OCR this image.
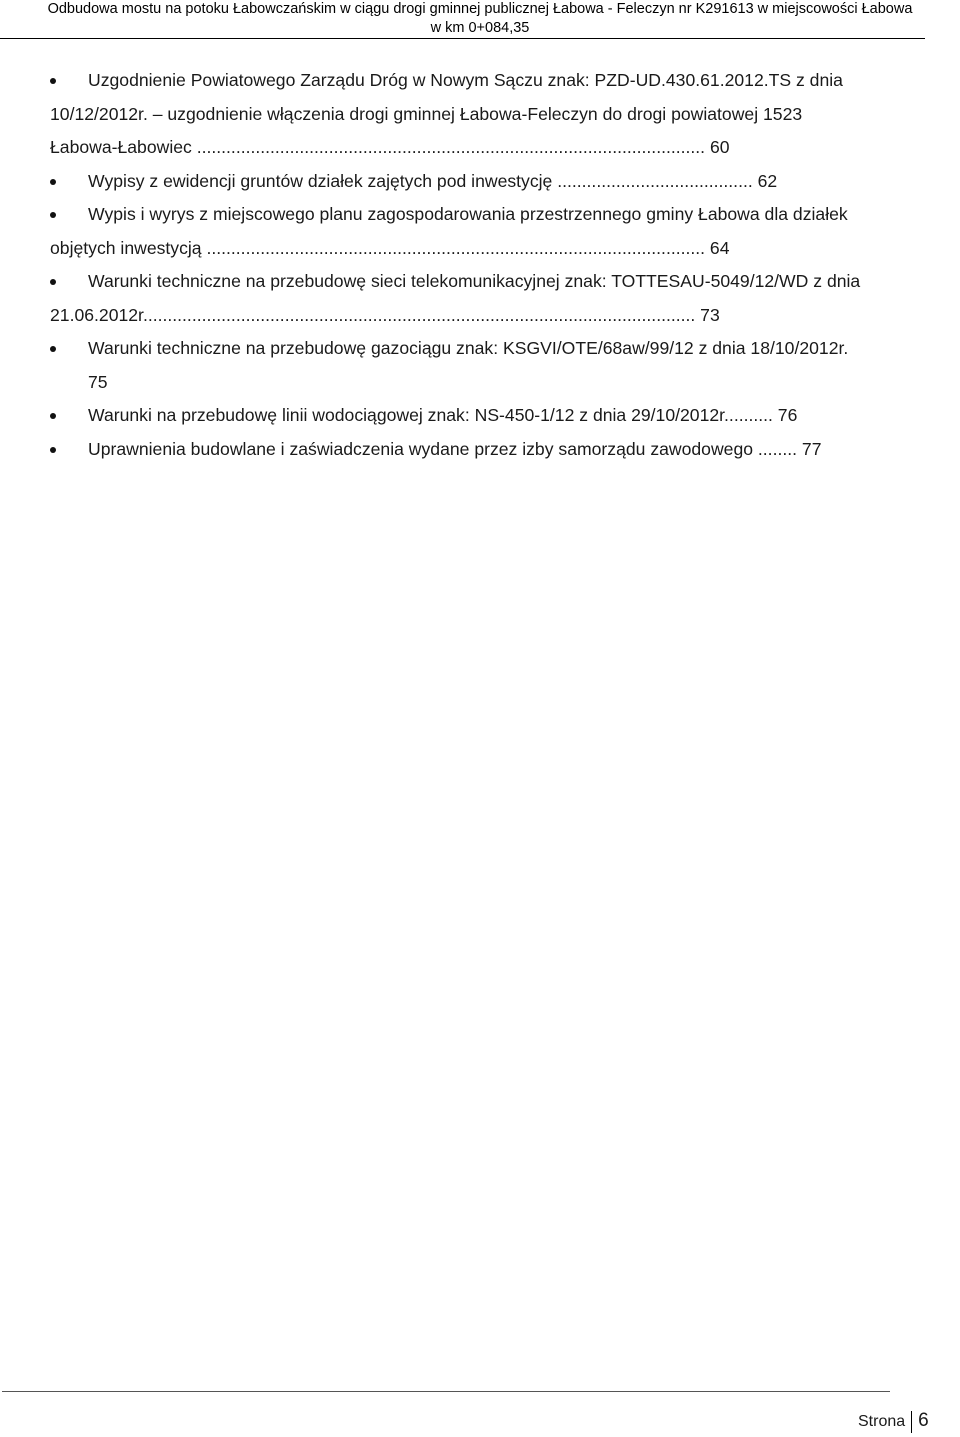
Odbudowa mostu na potoku Łabowczańskim w ciągu drogi gminnej publicznej Łabowa - Feleczyn nr K291613 w miejscowości Łabowa
w km 0+084,35
Uzgodnienie Powiatowego Zarządu Dróg w Nowym Sączu znak: PZD-UD.430.61.2012.TS z dnia
10/12/2012r. – uzgodnienie włączenia drogi gminnej Łabowa-Feleczyn do drogi powiatowej 1523
Łabowa-Łabowiec ........................................................................................................ 60
Wypisy z ewidencji gruntów działek zajętych pod inwestycję ........................................ 62
Wypis i wyrys z miejscowego planu zagospodarowania przestrzennego gminy Łabowa dla działek
objętych inwestycją ...................................................................................................... 64
Warunki techniczne na przebudowę sieci telekomunikacyjnej znak: TOTTESAU-5049/12/WD z dnia
21.06.2012r................................................................................................................. 73
Warunki techniczne na przebudowę gazociągu znak: KSGVI/OTE/68aw/99/12 z dnia 18/10/2012r.
75
Warunki na przebudowę linii wodociągowej znak: NS-450-1/12 z dnia 29/10/2012r.......... 76
Uprawnienia budowlane i zaświadczenia wydane przez izby samorządu zawodowego ........ 77
Strona 6
